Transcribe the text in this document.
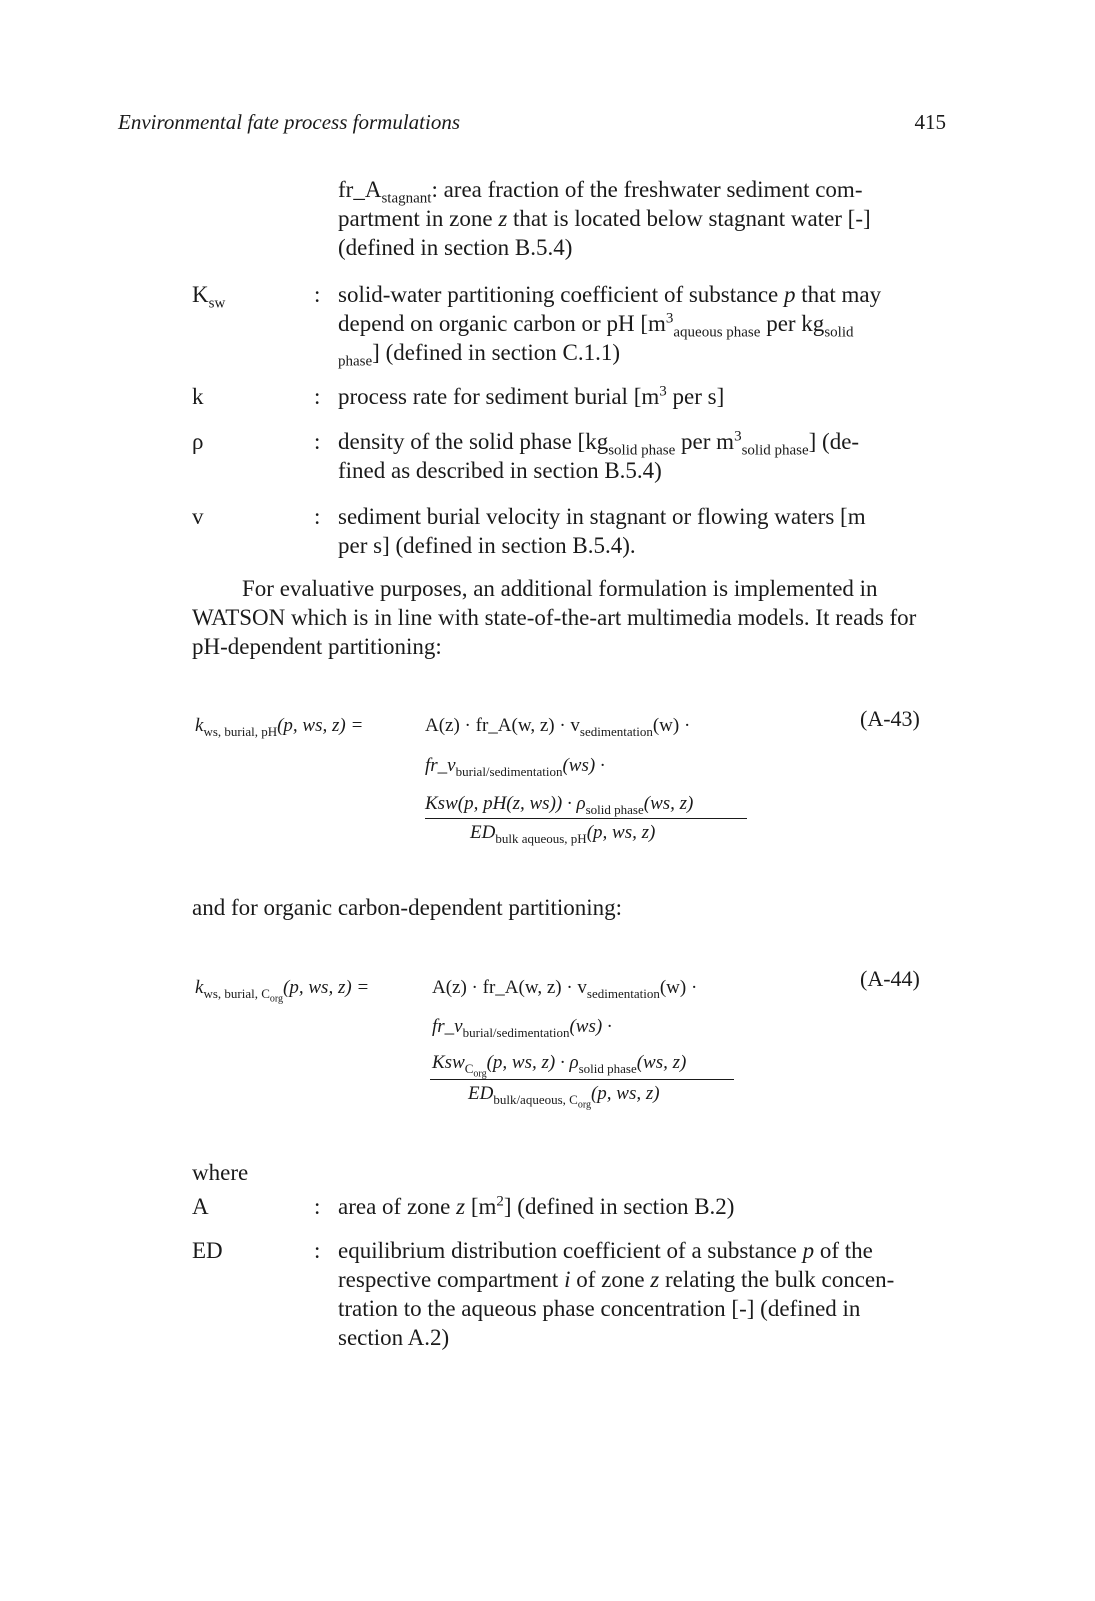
Environmental fate process formulations	415
$fr\_A_{stagnant}$: area fraction of the freshwater sediment com-
partment in zone z that is located below stagnant water [-]
(defined in section B.5.4)
$K_{sw}$	: solid-water partitioning coefficient of substance p that may
depend on organic carbon or pH [$m^3_{aqueous phase}$ per $kg_{solid}$
$_{phase}$] (defined in section C.1.1)
k	: process rate for sediment burial [$m^3$ per s]
ρ	: density of the solid phase [$kg_{solid phase}$ per $m^3_{solid phase}$] (de-
fined as described in section B.5.4)
v	: sediment burial velocity in stagnant or flowing waters [m
per s] (defined in section B.5.4).
For evaluative purposes, an additional formulation is implemented in
WATSON which is in line with state-of-the-art multimedia models. It reads for
pH-dependent partitioning:
$k_{ws, burial, pH}(p$, ws, z) =	A(z) · fr_A(w, $z) \cdot v_{sedimentation}(w)$ ·
$fr\_v_{burial/sedimentation}(ws)$ ·
Ksw(p, pH(z, $ws)) \cdot \rho_{solid phase}(ws$, z)
$ED_{bulk aqueous, pH}(p$, ws, z)
(A-43)
and for organic carbon-dependent partitioning:
$k_{ws, burial, C_{org}}(p$, ws, z) =	A(z) · fr_A(w, $z) \cdot v_{sedimentation}(w)$ ·
$fr\_v_{burial/sedimentation}(ws)$ ·
Ksw$_{C_{org}}$(p, ws, $z) \cdot \rho_{solid phase}(ws$, z)
$ED_{bulk/aqueous, C_{org}}(p$, ws, z)
(A-44)
where
A	: area of zone z $[m^2]$ (defined in section B.2)
ED	: equilibrium distribution coefficient of a substance p of the
respective compartment i of zone z relating the bulk concen-
tration to the aqueous phase concentration [-] (defined in
section A.2)
